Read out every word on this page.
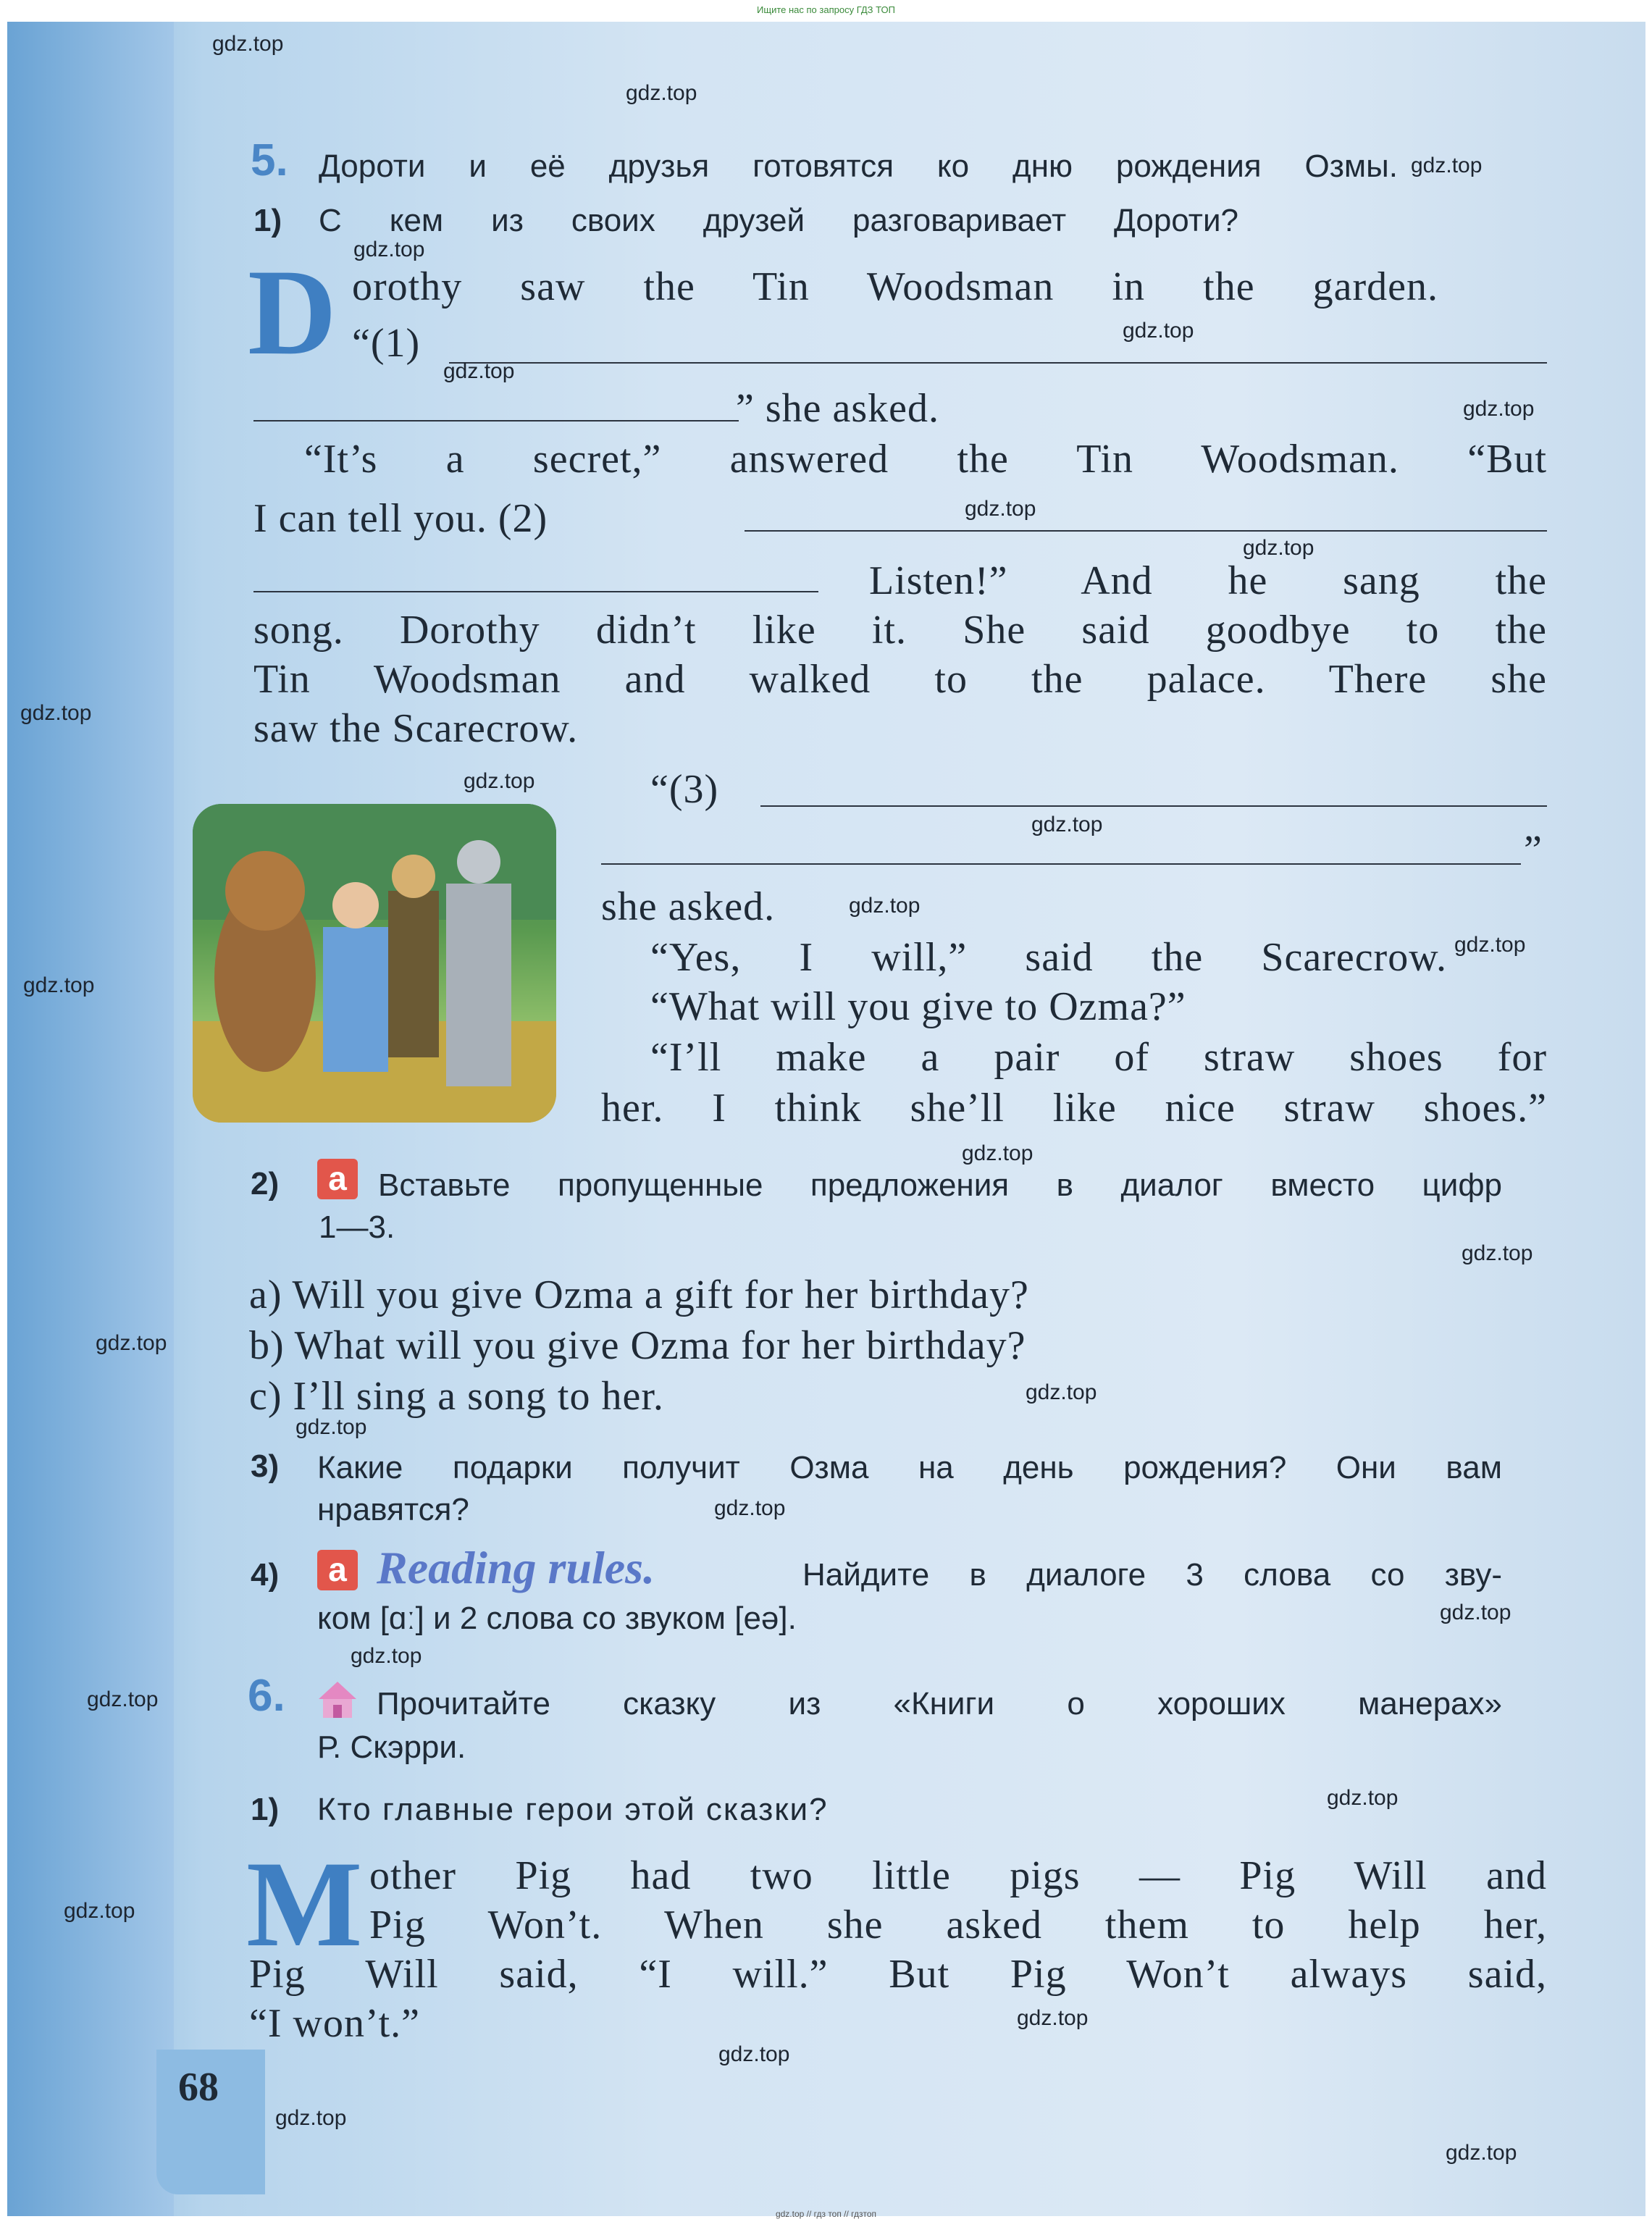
Ищите нас по запросу ГДЗ ТОП
5. Дороти и её друзья готовятся ко дню рождения Озмы.
1) С кем из своих друзей разговаривает Дороти?
D orothy saw the Tin Woodsman in the garden.
“(1)
” she asked.
“It’s a secret,” answered the Tin Woodsman. “But
I can tell you. (2)
Listen!” And he sang the
song. Dorothy didn’t like it. She said goodbye to the
Tin Woodsman and walked to the palace. There she
saw the Scarecrow.
“(3)
”
she asked.
“Yes, I will,” said the Scarecrow.
“What will you give to Ozma?”
“I’ll make a pair of straw shoes for
her. I think she’ll like nice straw shoes.”
2)	a Вставьте пропущенные предложения в диалог вместо цифр
1—3.
a) Will you give Ozma a gift for her birthday?
b) What will you give Ozma for her birthday?
c) I’ll sing a song to her.
3) Какие подарки получит Озма на день рождения? Они вам
нравятся?
4)	a Reading rules.	Найдите в диалоге 3 слова со зву-
ком [ɑː] и 2 слова со звуком [eə].
6.	Прочитайте сказку из «Книги о хороших манерах»
Р. Скэрри.
1) Кто главные герои этой сказки?
M other Pig had two little pigs — Pig Will and
Pig Won’t. When she asked them to help her,
Pig Will said, “I will.” But Pig Won’t always said,
“I won’t.”
68
gdz.top
gdz.top
gdz.top
gdz.top
gdz.top
gdz.top
gdz.top
gdz.top
gdz.top
gdz.top
gdz.top
gdz.top
gdz.top
gdz.top
gdz.top
gdz.top
gdz.top
gdz.top
gdz.top
gdz.top
gdz.top
gdz.top
gdz.top
gdz.top
gdz.top
gdz.top
gdz.top
gdz.top
gdz.top
gdz.top
gdz.top // гдз топ // гдзтоп
